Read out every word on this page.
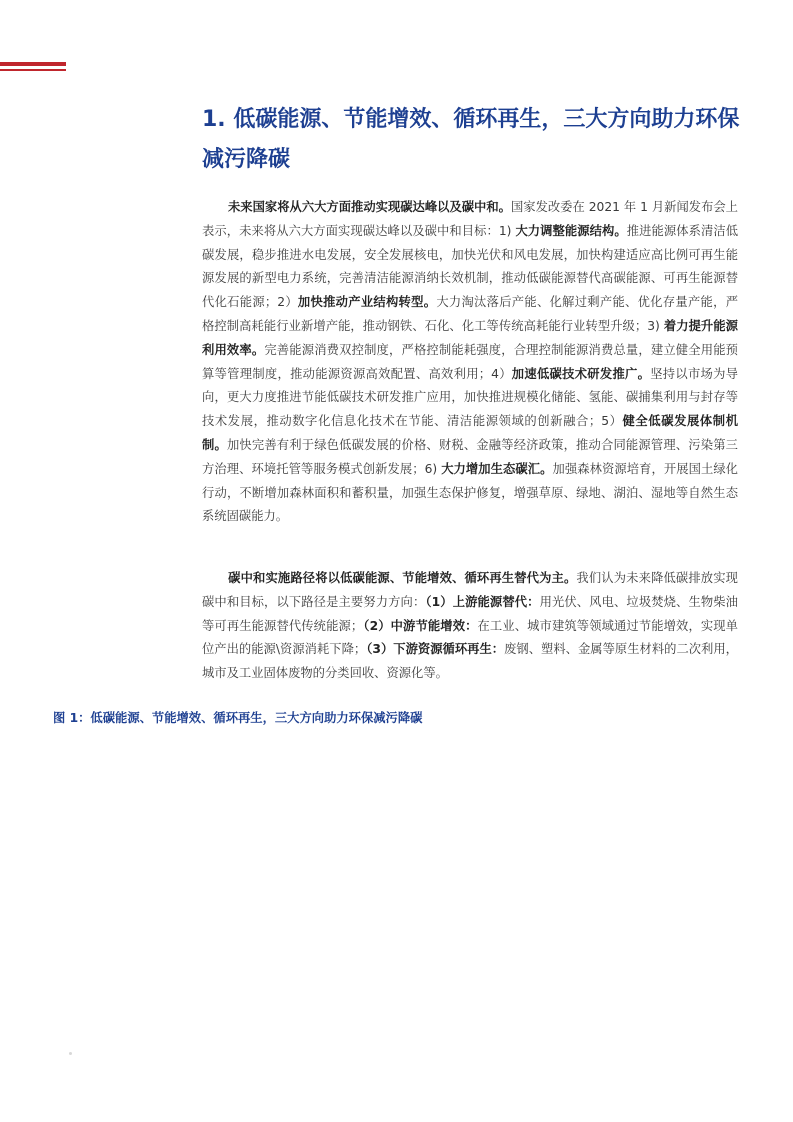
1. 低碳能源、节能增效、循环再生，三大方向助力环保减污降碳

未来国家将从六大方面推动实现碳达峰以及碳中和。国家发改委在 2021 年 1 月新闻发布会上表示，未来将从六大方面实现碳达峰以及碳中和目标：1) 大力调整能源结构。推进能源体系清洁低碳发展，稳步推进水电发展，安全发展核电，加快光伏和风电发展，加快构建适应高比例可再生能源发展的新型电力系统，完善清洁能源消纳长效机制，推动低碳能源替代高碳能源、可再生能源替代化石能源；2）加快推动产业结构转型。大力淘汰落后产能、化解过剩产能、优化存量产能，严格控制高耗能行业新增产能，推动钢铁、石化、化工等传统高耗能行业转型升级；3) 着力提升能源利用效率。完善能源消费双控制度，严格控制能耗强度，合理控制能源消费总量，建立健全用能预算等管理制度，推动能源资源高效配置、高效利用；4）加速低碳技术研发推广。坚持以市场为导向，更大力度推进节能低碳技术研发推广应用，加快推进规模化储能、氢能、碳捕集利用与封存等技术发展，推动数字化信息化技术在节能、清洁能源领域的创新融合；5）健全低碳发展体制机制。加快完善有利于绿色低碳发展的价格、财税、金融等经济政策，推动合同能源管理、污染第三方治理、环境托管等服务模式创新发展；6) 大力增加生态碳汇。加强森林资源培育，开展国土绿化行动，不断增加森林面积和蓄积量，加强生态保护修复，增强草原、绿地、湖泊、湿地等自然生态系统固碳能力。

碳中和实施路径将以低碳能源、节能增效、循环再生替代为主。我们认为未来降低碳排放实现碳中和目标，以下路径是主要努力方向：（1）上游能源替代：用光伏、风电、垃圾焚烧、生物柴油等可再生能源替代传统能源；（2）中游节能增效：在工业、城市建筑等领域通过节能增效，实现单位产出的能源\资源消耗下降；（3）下游资源循环再生：废钢、塑料、金属等原生材料的二次利用，城市及工业固体废物的分类回收、资源化等。

图 1：低碳能源、节能增效、循环再生，三大方向助力环保减污降碳
